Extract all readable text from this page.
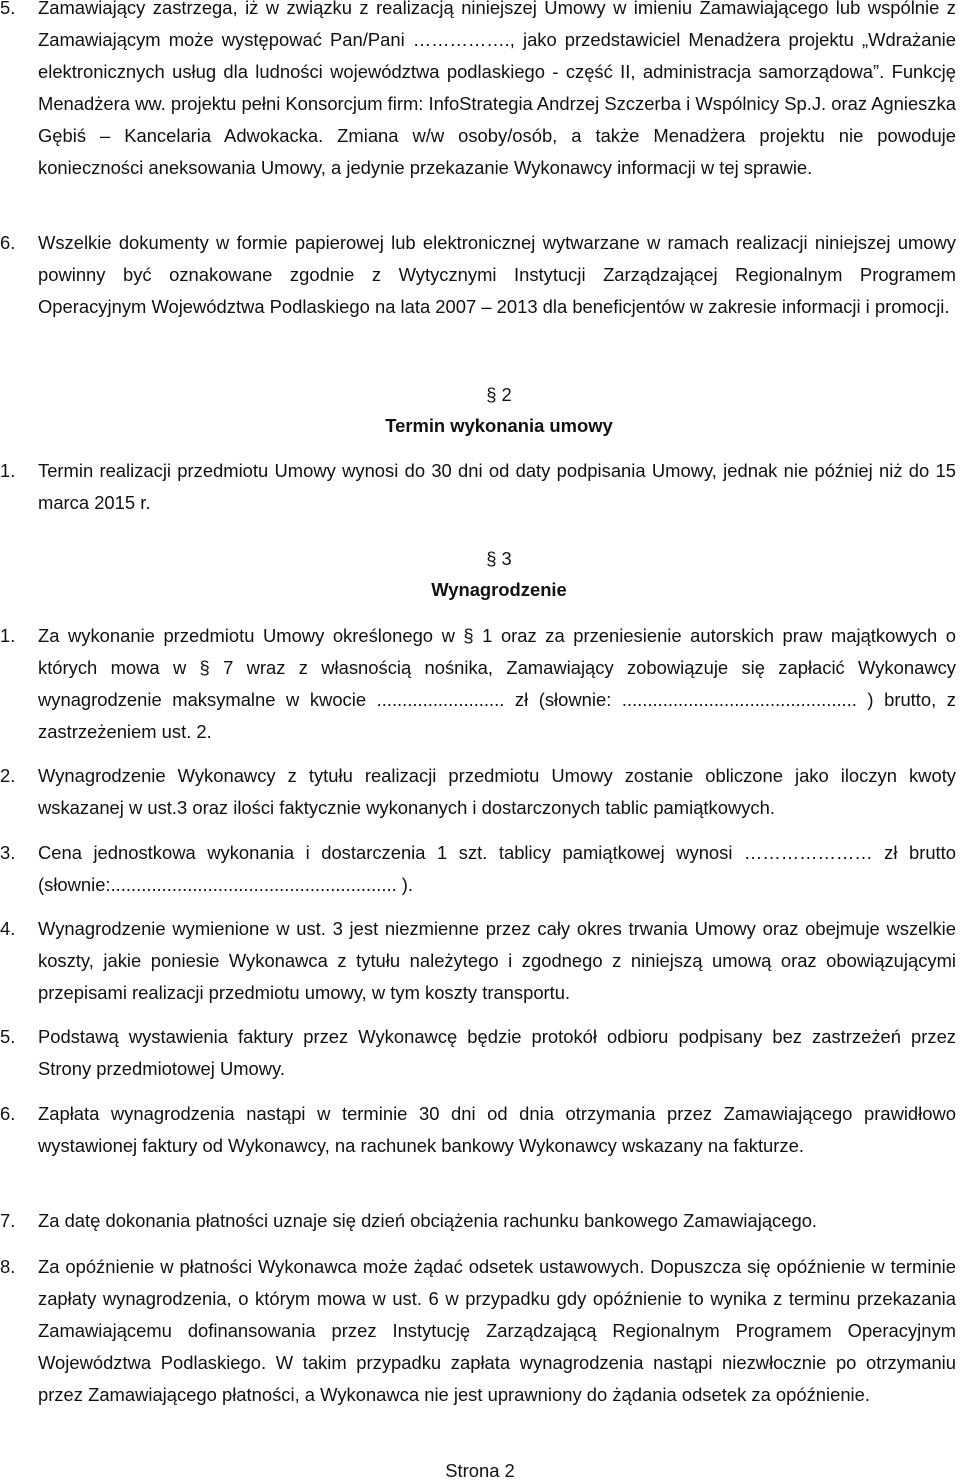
5. Zamawiający zastrzega, iż w związku z realizacją niniejszej Umowy w imieniu Zamawiającego lub wspólnie z Zamawiającym może występować Pan/Pani ……………., jako przedstawiciel Menadżera projektu „Wdrażanie elektronicznych usług dla ludności województwa podlaskiego - część II, administracja samorządowa”. Funkcję Menadżera ww. projektu pełni Konsorcjum firm: InfoStrategia Andrzej Szczerba i Wspólnicy Sp.J. oraz Agnieszka Gębiś – Kancelaria Adwokacka. Zmiana w/w osoby/osób, a także Menadżera projektu nie powoduje konieczności aneksowania Umowy, a jedynie przekazanie Wykonawcy informacji w tej sprawie.
6. Wszelkie dokumenty w formie papierowej lub elektronicznej wytwarzane w ramach realizacji niniejszej umowy powinny być oznakowane zgodnie z Wytycznymi Instytucji Zarządzającej Regionalnym Programem Operacyjnym Województwa Podlaskiego na lata 2007 – 2013 dla beneficjentów w zakresie informacji i promocji.
§ 2
Termin wykonania umowy
1. Termin realizacji przedmiotu Umowy wynosi do 30 dni od daty podpisania Umowy, jednak nie później niż do 15 marca 2015 r.
§ 3
Wynagrodzenie
1. Za wykonanie przedmiotu Umowy określonego w § 1 oraz za przeniesienie autorskich praw majątkowych o których mowa w § 7 wraz z własnością nośnika, Zamawiający zobowiązuje się zapłacić Wykonawcy wynagrodzenie maksymalne w kwocie ......................... zł (słownie: .............................................. ) brutto, z zastrzeżeniem ust. 2.
2. Wynagrodzenie Wykonawcy z tytułu realizacji przedmiotu Umowy zostanie obliczone jako iloczyn kwoty wskazanej w ust.3 oraz ilości faktycznie wykonanych i dostarczonych tablic pamiątkowych.
3. Cena jednostkowa wykonania i dostarczenia 1 szt. tablicy pamiątkowej wynosi ………………… zł brutto (słownie:........................................................ ).
4. Wynagrodzenie wymienione w ust. 3 jest niezmienne przez cały okres trwania Umowy oraz obejmuje wszelkie koszty, jakie poniesie Wykonawca z tytułu należytego i zgodnego z niniejszą umową oraz obowiązującymi przepisami realizacji przedmiotu umowy, w tym koszty transportu.
5. Podstawą wystawienia faktury przez Wykonawcę będzie protokół odbioru podpisany bez zastrzeżeń przez Strony przedmiotowej Umowy.
6. Zapłata wynagrodzenia nastąpi w terminie 30 dni od dnia otrzymania przez Zamawiającego prawidłowo wystawionej faktury od Wykonawcy, na rachunek bankowy Wykonawcy wskazany na fakturze.
7. Za datę dokonania płatności uznaje się dzień obciążenia rachunku bankowego Zamawiającego.
8. Za opóźnienie w płatności Wykonawca może żądać odsetek ustawowych. Dopuszcza się opóźnienie w terminie zapłaty wynagrodzenia, o którym mowa w ust. 6 w przypadku gdy opóźnienie to wynika z terminu przekazania Zamawiającemu dofinansowania przez Instytucję Zarządzającą Regionalnym Programem Operacyjnym Województwa Podlaskiego. W takim przypadku zapłata wynagrodzenia nastąpi niezwłocznie po otrzymaniu przez Zamawiającego płatności, a Wykonawca nie jest uprawniony do żądania odsetek za opóźnienie.
Strona 2
